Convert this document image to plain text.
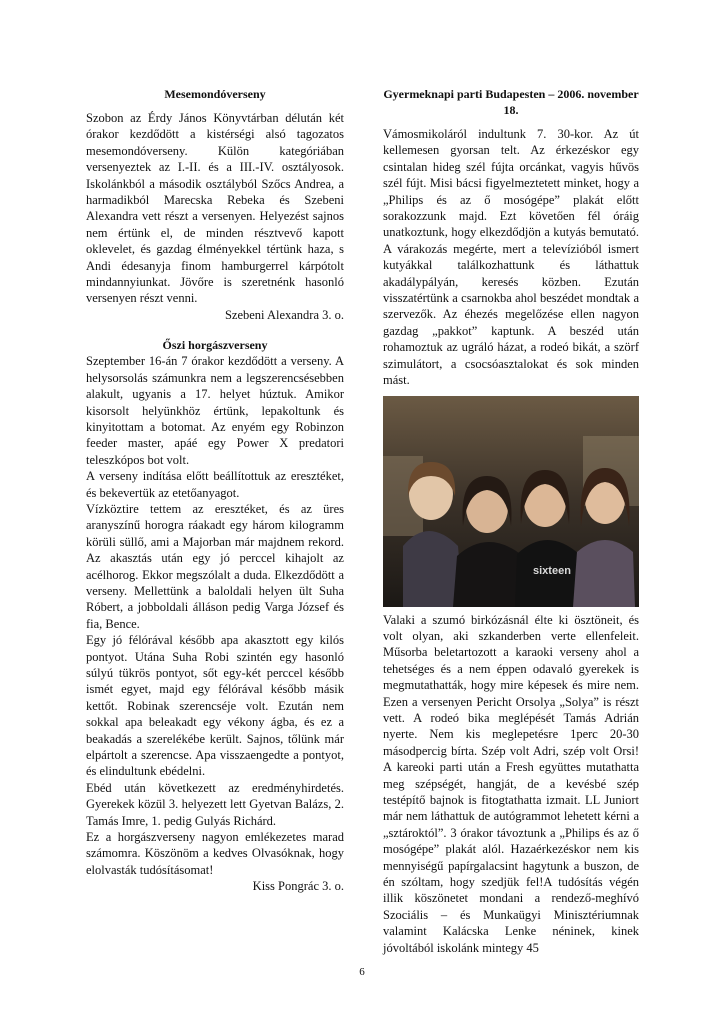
Mesemondóverseny

Szobon az Érdy János Könyvtárban délután két órakor kezdődött a kistérségi alsó tagozatos mesemondóverseny. Külön kategóriában versenyeztek az I.-II. és a III.-IV. osztályosok. Iskolánkból a második osztályból Szőcs Andrea, a harmadikból Marecska Rebeka és Szebeni Alexandra vett részt a versenyen. Helyezést sajnos nem értünk el, de minden résztvevő kapott oklevelet, és gazdag élményekkel tértünk haza, s Andi édesanyja finom hamburgerrel kárpótolt mindannyiunkat. Jövőre is szeretnénk hasonló versenyen részt venni.

Szebeni Alexandra 3. o.

Őszi horgászverseny

Szeptember 16-án 7 órakor kezdődött a verseny. A helysorsolás számunkra nem a legszerencsésebben alakult, ugyanis a 17. helyet húztuk. Amikor kisorsolt helyünkhöz értünk, lepakoltunk és kinyitottam a botomat. Az enyém egy Robinzon feeder master, apáé egy Power X predatori teleszkópos bot volt.

A verseny indítása előtt beállítottuk az eresztéket, és bekevertük az etetőanyagot.

Vízköztire tettem az eresztéket, és az üres aranyszínű horogra ráakadt egy három kilogramm körüli süllő, ami a Majorban már majdnem rekord. Az akasztás után egy jó perccel kihajolt az acélhorog. Ekkor megszólalt a duda. Elkezdődött a verseny. Mellettünk a baloldali helyen ült Suha Róbert, a jobboldali álláson pedig Varga József és fia, Bence.

Egy jó félórával később apa akasztott egy kilós pontyot. Utána Suha Robi szintén egy hasonló súlyú tükrös pontyot, sőt egy-két perccel később ismét egyet, majd egy félórával később másik kettőt. Robinak szerencséje volt. Ezután nem sokkal apa beleakadt egy vékony ágba, és ez a beakadás a szerelékébe került. Sajnos, tőlünk már elpártolt a szerencse. Apa visszaengedte a pontyot, és elindultunk ebédelni.

Ebéd után következett az eredményhirdetés. Gyerekek közül 3. helyezett lett Gyetvan Balázs, 2. Tamás Imre, 1. pedig Gulyás Richárd.

Ez a horgászverseny nagyon emlékezetes marad számomra. Köszönöm a kedves Olvasóknak, hogy elolvasták tudósításomat!

Kiss Pongrác 3. o.

Gyermeknapi parti Budapesten – 2006. november 18.

Vámosmikoláról indultunk 7. 30-kor. Az út kellemesen gyorsan telt. Az érkezéskor egy csintalan hideg szél fújta orcánkat, vagyis hűvös szél fújt. Misi bácsi figyelmeztetett minket, hogy a „Philips és az ő mosógépe” plakát előtt sorakozzunk majd. Ezt követően fél óráig unatkoztunk, hogy elkezdődjön a kutyás bemutató. A várakozás megérte, mert a televízióból ismert kutyákkal találkozhattunk és láthattuk akadálypályán, keresés közben. Ezután visszatértünk a csarnokba ahol beszédet mondtak a szervezők. Az éhezés megelőzése ellen nagyon gazdag „pakkot” kaptunk. A beszéd után rohamoztuk az ugráló házat, a rodeó bikát, a szörf szimulátort, a csocsóasztalokat és sok minden mást.

sixteen

Valaki a szumó birkózásnál élte ki ösztöneit, és volt olyan, aki szkanderben verte ellenfeleit. Műsorba beletartozott a karaoki verseny ahol a tehetséges és a nem éppen odavaló gyerekek is megmutathatták, hogy mire képesek és mire nem. Ezen a versenyen Pericht Orsolya „Solya” is részt vett. A rodeó bika meglépését Tamás Adrián nyerte. Nem kis meglepetésre 1perc 20-30 másodpercig bírta. Szép volt Adri, szép volt Orsi! A kareoki parti után a Fresh együttes mutathatta meg szépségét, hangját, de a kevésbé szép testépítő bajnok is fitogtathatta izmait. LL Juniort már nem láthattuk de autógrammot lehetett kérni a „sztároktól”. 3 órakor távoztunk a „Philips és az ő mosógépe” plakát alól. Hazaérkezéskor nem kis mennyiségű papírgalacsint hagytunk a buszon, de én szóltam, hogy szedjük fel!A tudósítás végén illik köszönetet mondani a rendező-meghívó Szociális – és Munkaügyi Minisztériumnak valamint Kalácska Lenke néninek, kinek jóvoltából iskolánk mintegy 45

6
